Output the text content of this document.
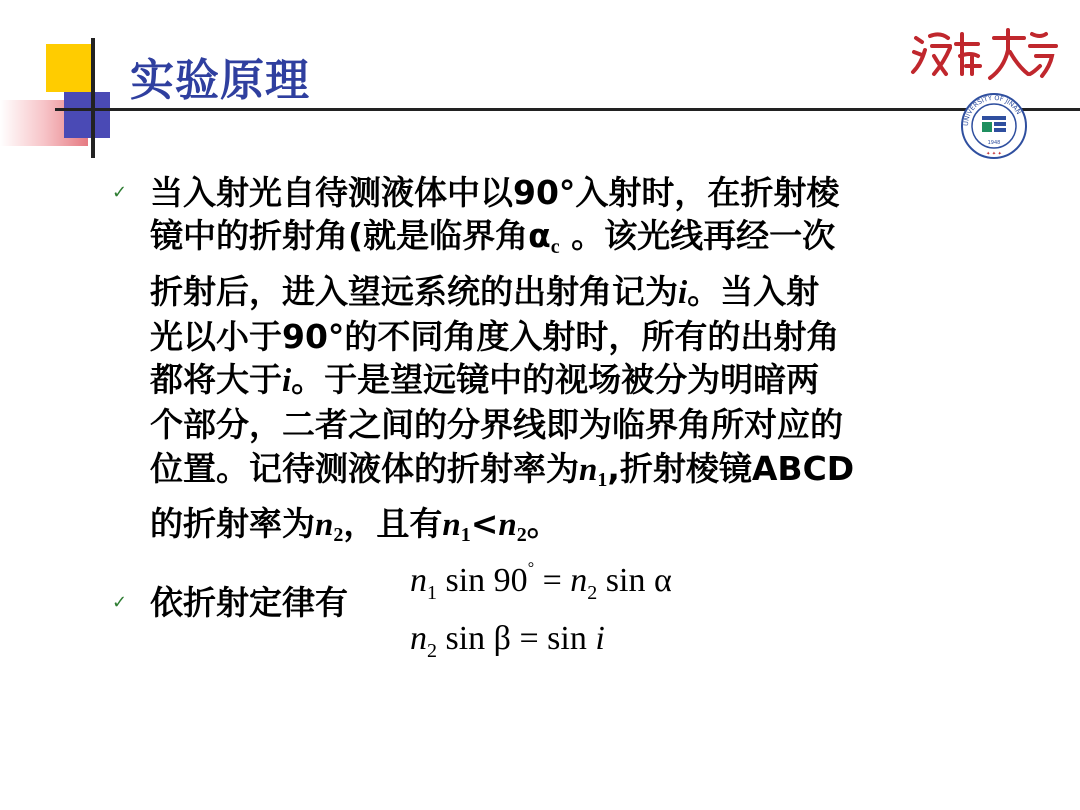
实验原理
UNIVERSITY OF JINAN
1948
✦ ✦ ✦
✓ 当入射光自待测液体中以90°入射时，在折射棱
镜中的折射角(就是临界角$\alpha_c$ 。该光线再经一次
折射后，进入望远系统的出射角记为i。当入射
光以小于90°的不同角度入射时，所有的出射角
都将大于i。于是望远镜中的视场被分为明暗两
个部分，二者之间的分界线即为临界角所对应的
位置。记待测液体的折射率为$n_1$,折射棱镜ABCD
的折射率为$n_2$，且有$n_1<n_2$。
✓ 依折射定律有
$n_1$ $\sin 90^\circ = n_2$ sin α
$n_2$ sin β = sin i
